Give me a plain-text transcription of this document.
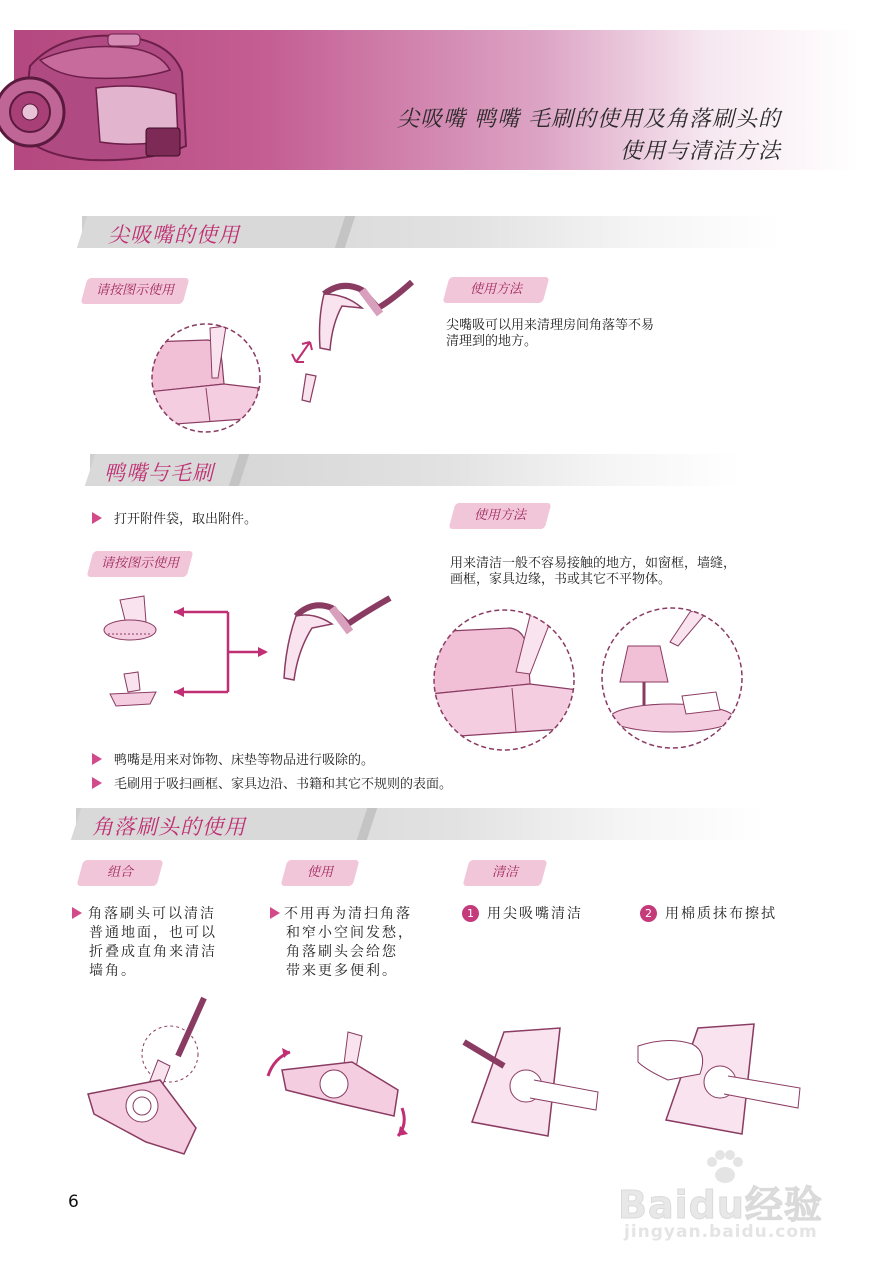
尖吸嘴 鸭嘴 毛刷的使用及角落刷头的
使用与清洁方法
尖吸嘴的使用
请按图示使用	使用方法
尖嘴吸可以用来清理房间角落等不易
清理到的地方。
鸭嘴与毛刷
打开附件袋，取出附件。	使用方法
请按图示使用	用来清洁一般不容易接触的地方，如窗框，墙缝，
画框，家具边缘，书或其它不平物体。
鸭嘴是用来对饰物、床垫等物品进行吸除的。
毛刷用于吸扫画框、家具边沿、书籍和其它不规则的表面。
角落刷头的使用
组合	使用	清洁
角落刷头可以清洁
普通地面，也可以
折叠成直角来清洁
墙角。
不用再为清扫角落
和窄小空间发愁，
角落刷头会给您
带来更多便利。
1 用尖吸嘴清洁	2 用棉质抹布擦拭
6	Baidu经验
jingyan.baidu.com
